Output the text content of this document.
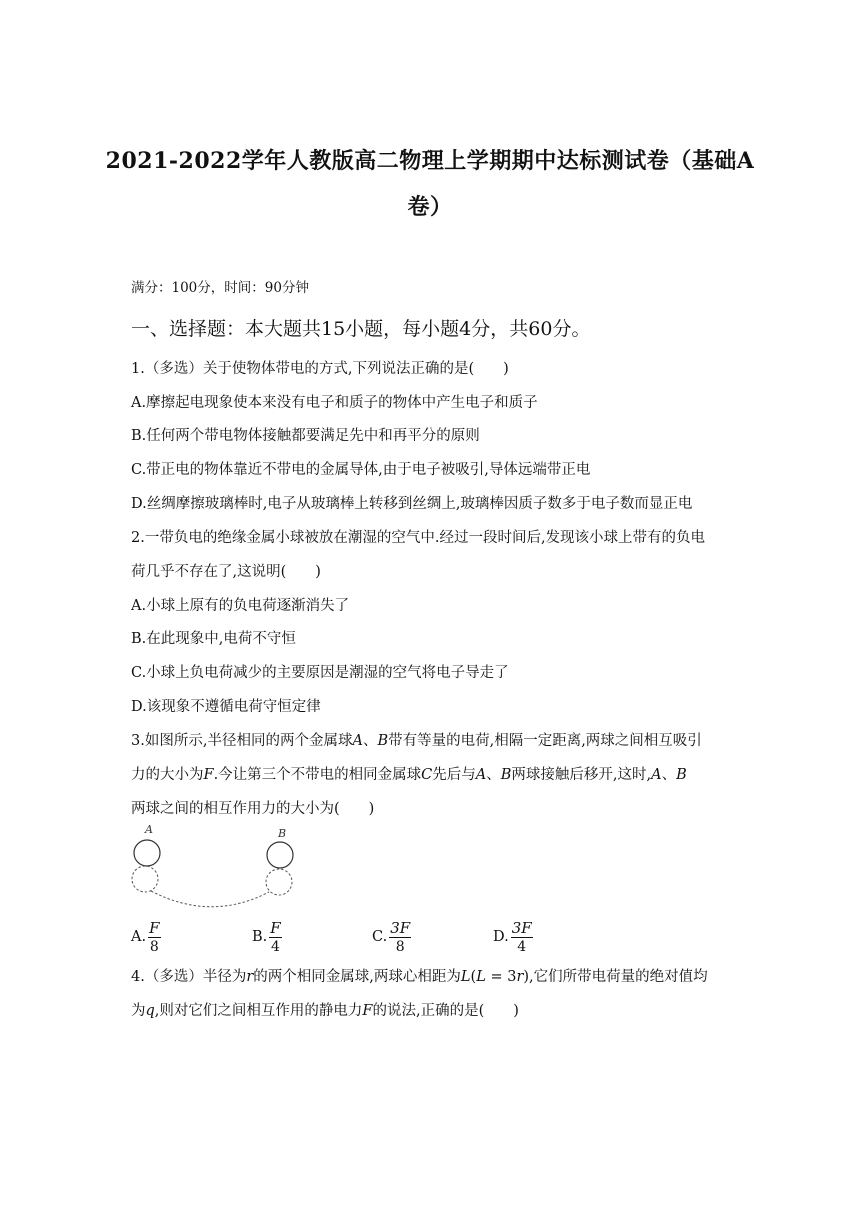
2021-2022学年人教版高二物理上学期期中达标测试卷（基础A
卷）
满分：100分，时间：90分钟
一、选择题：本大题共15小题，每小题4分，共60分。
1.（多选）关于使物体带电的方式,下列说法正确的是(　　)
A.摩擦起电现象使本来没有电子和质子的物体中产生电子和质子
B.任何两个带电物体接触都要满足先中和再平分的原则
C.带正电的物体靠近不带电的金属导体,由于电子被吸引,导体远端带正电
D.丝绸摩擦玻璃棒时,电子从玻璃棒上转移到丝绸上,玻璃棒因质子数多于电子数而显正电
2.一带负电的绝缘金属小球被放在潮湿的空气中.经过一段时间后,发现该小球上带有的负电
荷几乎不存在了,这说明(　　)
A.小球上原有的负电荷逐渐消失了
B.在此现象中,电荷不守恒
C.小球上负电荷减少的主要原因是潮湿的空气将电子导走了
D.该现象不遵循电荷守恒定律
3.如图所示,半径相同的两个金属球A、B带有等量的电荷,相隔一定距离,两球之间相互吸引
力的大小为F.今让第三个不带电的相同金属球C先后与A、B两球接触后移开,这时,A、B
两球之间的相互作用力的大小为(　　)
A	B
A. $\frac{F}{8}$	B. $\frac{F}{4}$	C. $\frac{3F}{8}$	D. $\frac{3F}{4}$
4.（多选）半径为r的两个相同金属球,两球心相距为L(L = 3r),它们所带电荷量的绝对值均
为q,则对它们之间相互作用的静电力F的说法,正确的是(　　)
